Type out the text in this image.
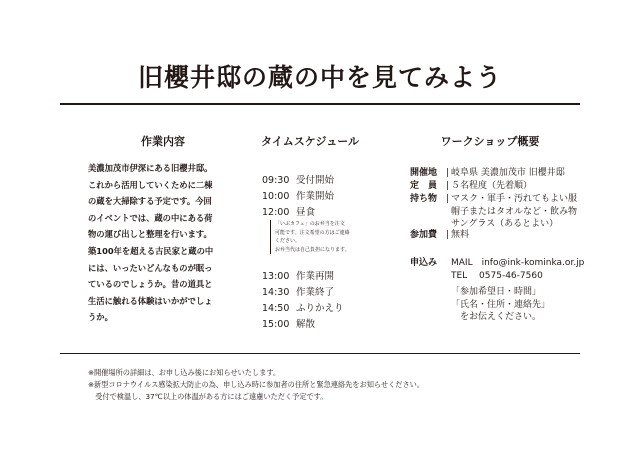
旧櫻井邸の蔵の中を見てみよう
作業内容	タイムスケジュール	ワークショップ概要
美濃加茂市伊深にある旧櫻井邸。
これから活用していくために二棟
の蔵を大掃除する予定です。今回
のイベントでは、蔵の中にある荷
物の運び出しと整理を行います。
築100年を超える古民家と蔵の中
には、いったいどんなものが眠っ
ているのでしょうか。昔の道具と
生活に触れる体験はいかがでしょ
うか。
09:30 受付開始
10:00 作業開始
12:00 昼食
「いぶカフェ」のお弁当を注文
可能です。注文希望の方はご連絡
ください。
お弁当代は自己負担になります。
13:00 作業再開
14:30 作業終了
14:50 ふりかえり
15:00 解散
開催地 | 岐阜県 美濃加茂市 旧櫻井邸
定　員 | ５名程度（先着順）
持ち物 | マスク・軍手・汚れてもよい服
帽子またはタオルなど・飲み物
サングラス（あるとよい）
参加費 | 無料
申込み MAIL　info@ink-kominka.or.jp
TEL　 0575-46-7560
「参加希望日・時間」
「氏名・住所・連絡先」
　をお伝えください。
※開催場所の詳細は、お申し込み後にお知らせいたします。
※新型コロナウイルス感染拡大防止の為、申し込み時に参加者の住所と緊急連絡先をお知らせください。
　受付で検温し、37℃以上の体温がある方にはご遠慮いただく予定です。
